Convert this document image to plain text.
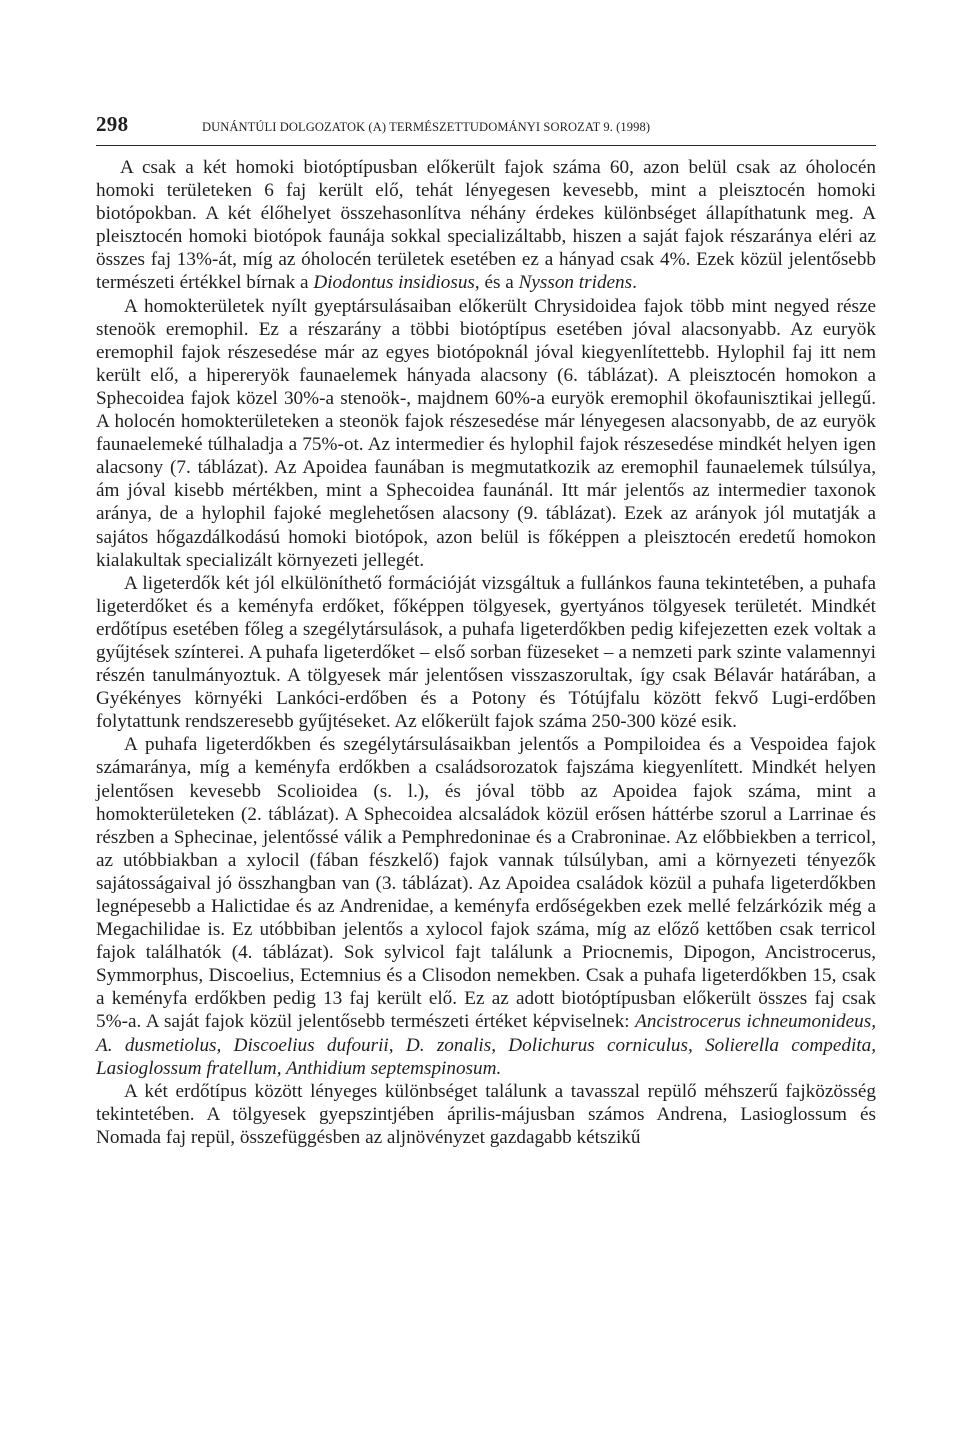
298	DUNÁNTÚLI DOLGOZATOK (A) TERMÉSZETTUDOMÁNYI SOROZAT 9. (1998)

A csak a két homoki biotóptípusban előkerült fajok száma 60, azon belül csak az óholocén homoki területeken 6 faj került elő, tehát lényegesen kevesebb, mint a pleisztocén homoki biotópokban. A két élőhelyet összehasonlítva néhány érdekes különbséget állapíthatunk meg. A pleisztocén homoki biotópok faunája sokkal specializáltabb, hiszen a saját fajok részaránya eléri az összes faj 13%-át, míg az óholocén területek esetében ez a hányad csak 4%. Ezek közül jelentősebb természeti értékkel bírnak a Diodontus insidiosus, és a Nysson tridens.

A homokterületek nyílt gyeptársulásaiban előkerült Chrysidoidea fajok több mint negyed része stenoök eremophil. Ez a részarány a többi biotóptípus esetében jóval alacsonyabb. Az euryök eremophil fajok részesedése már az egyes biotópoknál jóval kiegyenlítettebb. Hylophil faj itt nem került elő, a hipereryök faunaelemek hányada alacsony (6. táblázat). A pleisztocén homokon a Sphecoidea fajok közel 30%-a stenoök-, majdnem 60%-a euryök eremophil ökofaunisztikai jellegű. A holocén homokterületeken a steonök fajok részesedése már lényegesen alacsonyabb, de az euryök faunaelemeké túlhaladja a 75%-ot. Az intermedier és hylophil fajok részesedése mindkét helyen igen alacsony (7. táblázat). Az Apoidea faunában is megmutatkozik az eremophil faunaelemek túlsúlya, ám jóval kisebb mértékben, mint a Sphecoidea faunánál. Itt már jelentős az intermedier taxonok aránya, de a hylophil fajoké meglehetősen alacsony (9. táblázat). Ezek az arányok jól mutatják a sajátos hőgazdálkodású homoki biotópok, azon belül is főképpen a pleisztocén eredetű homokon kialakultak specializált környezeti jellegét.

A ligeterdők két jól elkülöníthető formációját vizsgáltuk a fullánkos fauna tekintetében, a puhafa ligeterdőket és a keményfa erdőket, főképpen tölgyesek, gyertyános tölgyesek területét. Mindkét erdőtípus esetében főleg a szegélytársulások, a puhafa ligeterdőkben pedig kifejezetten ezek voltak a gyűjtések színterei. A puhafa ligeterdőket – első sorban füzeseket – a nemzeti park szinte valamennyi részén tanulmányoztuk. A tölgyesek már jelentősen visszaszorultak, így csak Bélavár határában, a Gyékényes környéki Lankóci-erdőben és a Potony és Tótújfalu között fekvő Lugi-erdőben folytattunk rendszeresebb gyűjtéseket. Az előkerült fajok száma 250-300 közé esik.

A puhafa ligeterdőkben és szegélytársulásaikban jelentős a Pompiloidea és a Vespoidea fajok számaránya, míg a keményfa erdőkben a családsorozatok fajszáma kiegyenlített. Mindkét helyen jelentősen kevesebb Scolioidea (s. l.), és jóval több az Apoidea fajok száma, mint a homokterületeken (2. táblázat). A Sphecoidea alcsaládok közül erősen háttérbe szorul a Larrinae és részben a Sphecinae, jelentőssé válik a Pemphredoninae és a Crabroninae. Az előbbiekben a terricol, az utóbbiakban a xylocil (fában fészkelő) fajok vannak túlsúlyban, ami a környezeti tényezők sajátosságaival jó összhangban van (3. táblázat). Az Apoidea családok közül a puhafa ligeterdőkben legnépesebb a Halictidae és az Andrenidae, a keményfa erdőségekben ezek mellé felzárkózik még a Megachilidae is. Ez utóbbiban jelentős a xylocol fajok száma, míg az előző kettőben csak terricol fajok találhatók (4. táblázat). Sok sylvicol fajt találunk a Priocnemis, Dipogon, Ancistrocerus, Symmorphus, Discoelius, Ectemnius és a Clisodon nemekben. Csak a puhafa ligeterdőkben 15, csak a keményfa erdőkben pedig 13 faj került elő. Ez az adott biotóptípusban előkerült összes faj csak 5%-a. A saját fajok közül jelentősebb természeti értéket képviselnek: Ancistrocerus ichneumonideus, A. dusmetiolus, Discoelius dufourii, D. zonalis, Dolichurus corniculus, Solierella compedita, Lasioglossum fratellum, Anthidium septemspinosum.

A két erdőtípus között lényeges különbséget találunk a tavasszal repülő méhszerű fajközösség tekintetében. A tölgyesek gyepszintjében április-májusban számos Andrena, Lasioglossum és Nomada faj repül, összefüggésben az aljnövényzet gazdagabb kétszikű
